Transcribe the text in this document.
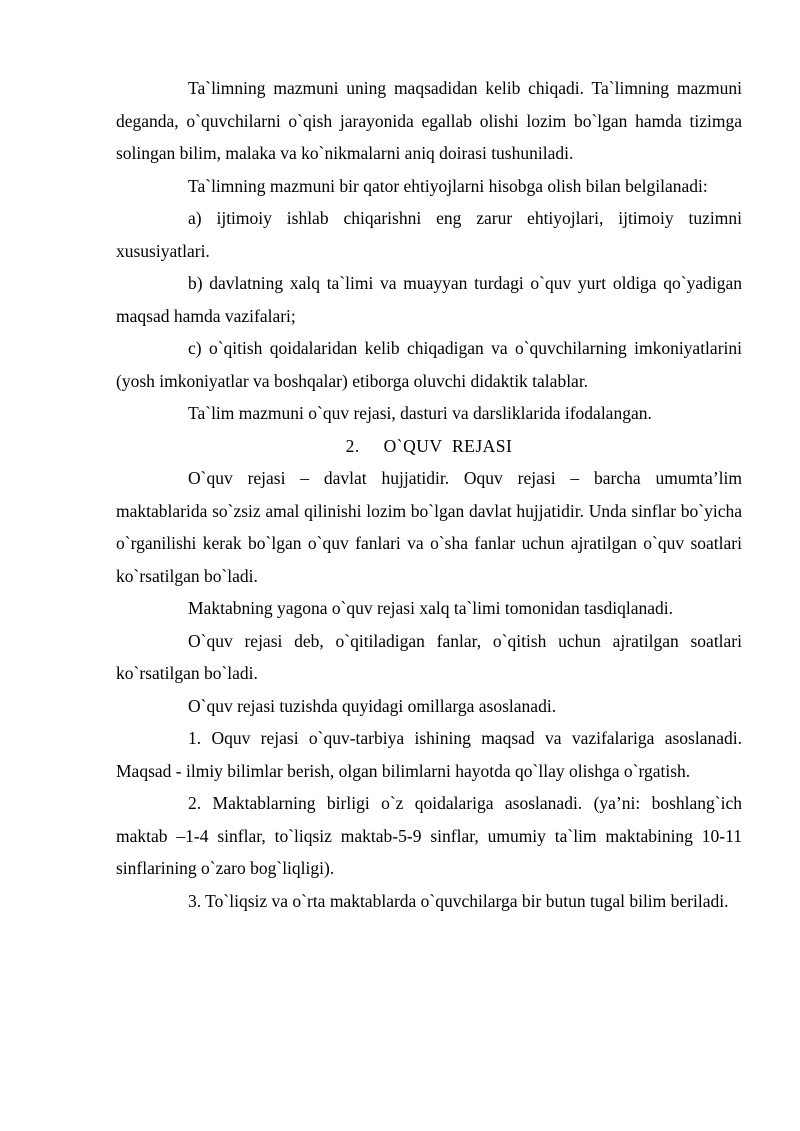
Ta`limning mazmuni uning maqsadidan kelib chiqadi. Ta`limning mazmuni deganda, o`quvchilarni o`qish jarayonida egallab olishi lozim bo`lgan hamda tizimga solingan bilim, malaka va ko`nikmalarni aniq doirasi tushuniladi.

Ta`limning mazmuni bir qator ehtiyojlarni hisobga olish bilan belgilanadi:

a) ijtimoiy ishlab chiqarishni eng zarur ehtiyojlari, ijtimoiy tuzimni xususiyatlari.

b) davlatning xalq ta`limi va muayyan turdagi o`quv yurt oldiga qo`yadigan maqsad hamda vazifalari;

c) o`qitish qoidalaridan kelib chiqadigan va o`quvchilarning imkoniyatlarini (yosh imkoniyatlar va boshqalar) etiborga oluvchi didaktik talablar.

Ta`lim mazmuni o`quv rejasi, dasturi va darsliklarida ifodalangan.

2. O`QUV  REJASI

O`quv rejasi – davlat hujjatidir. Oquv rejasi – barcha umumta’lim maktablarida so`zsiz amal qilinishi lozim bo`lgan davlat hujjatidir. Unda sinflar bo`yicha o`rganilishi kerak bo`lgan o`quv fanlari va o`sha fanlar uchun ajratilgan o`quv soatlari ko`rsatilgan bo`ladi.

Maktabning yagona o`quv rejasi xalq ta`limi tomonidan tasdiqlanadi.

O`quv rejasi deb, o`qitiladigan fanlar, o`qitish uchun ajratilgan soatlari ko`rsatilgan bo`ladi.

O`quv rejasi tuzishda quyidagi omillarga asoslanadi.

1. Oquv rejasi o`quv-tarbiya ishining maqsad va vazifalariga asoslanadi. Maqsad - ilmiy bilimlar berish, olgan bilimlarni hayotda qo`llay olishga o`rgatish.

2. Maktablarning birligi o`z qoidalariga asoslanadi. (ya’ni: boshlang`ich maktab –1-4 sinflar, to`liqsiz maktab-5-9 sinflar, umumiy ta`lim maktabining 10-11 sinflarining o`zaro bog`liqligi).

3. To`liqsiz va o`rta maktablarda o`quvchilarga bir butun tugal bilim beriladi.
